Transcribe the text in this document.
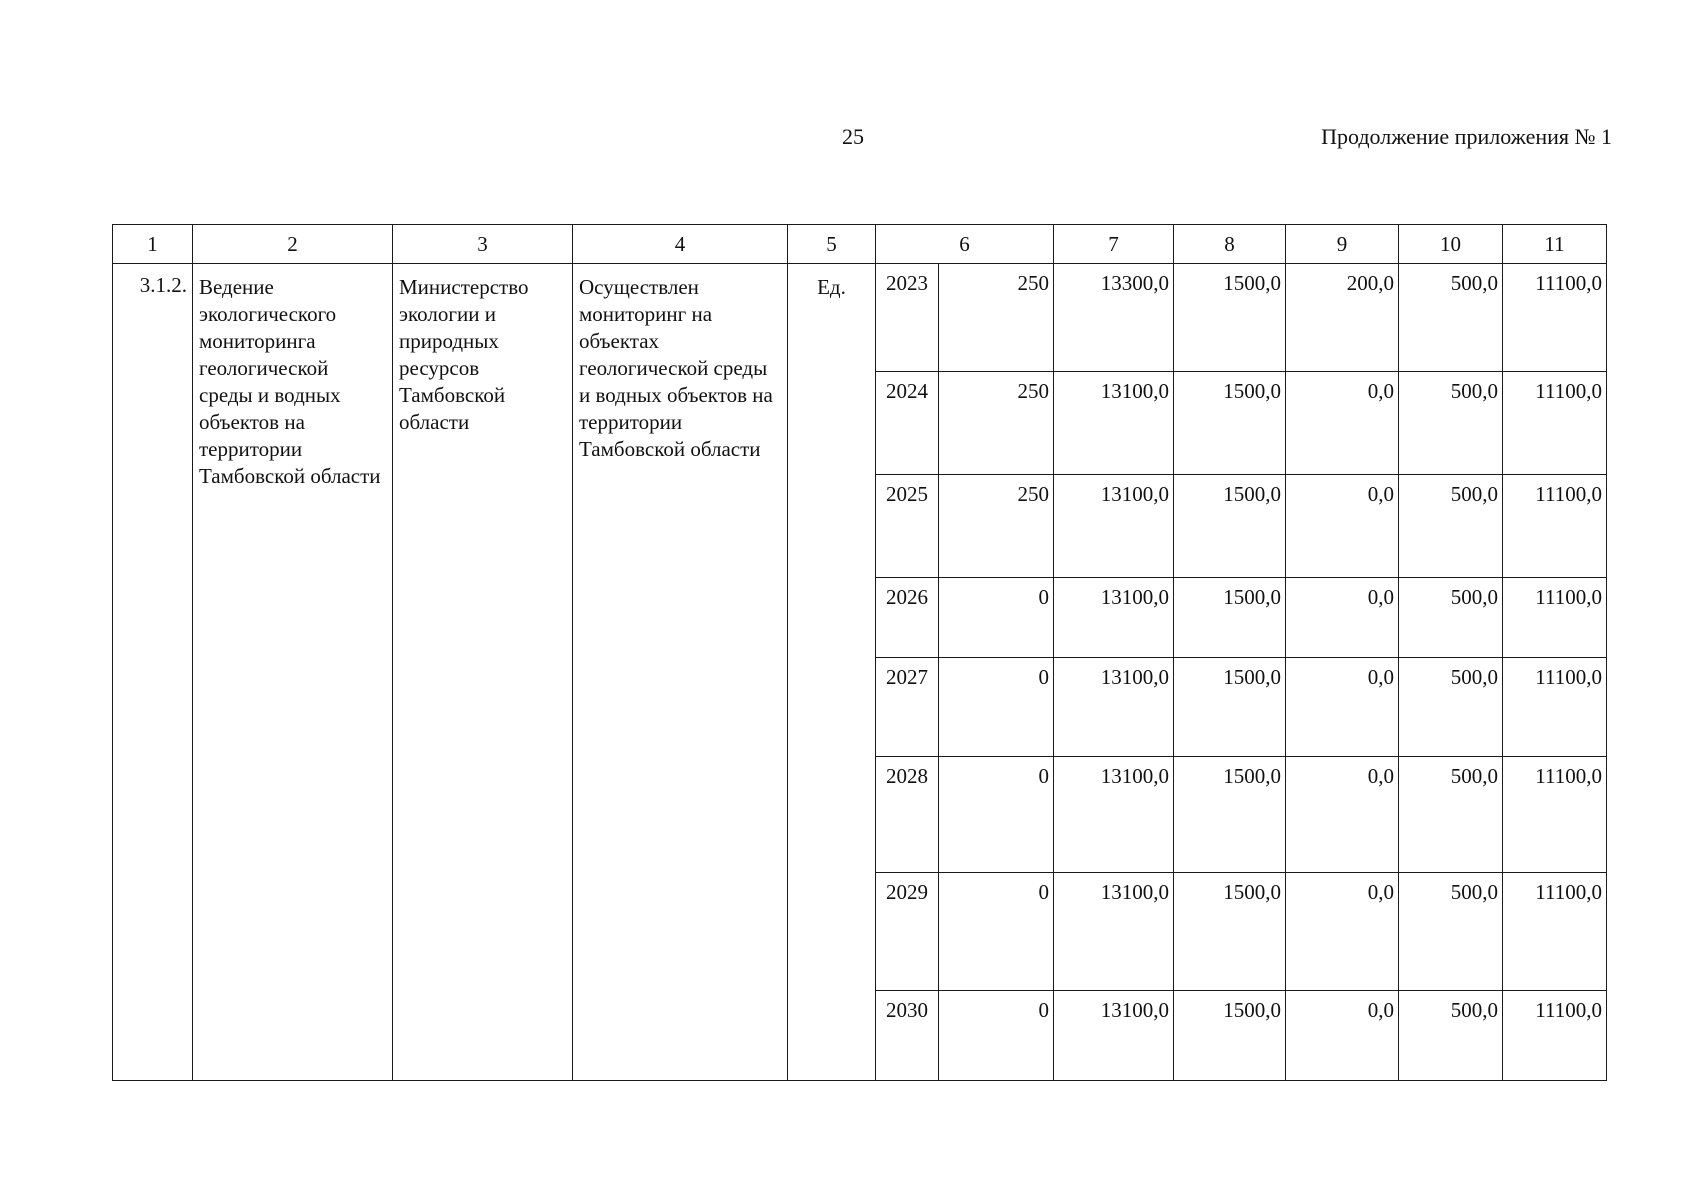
25	Продолжение приложения № 1
1	2	3	4	5	6		7	8	9	10	11
3.1.2.	Ведение экологического мониторинга геологической среды и водных объектов на территории Тамбовской области	Министерство экологии и природных ресурсов Тамбовской области	Осуществлен мониторинг на объектах геологической среды и водных объектов на территории Тамбовской области	Ед.	2023	250	13300,0	1500,0	200,0	500,0	11100,0
					2024	250	13100,0	1500,0	0,0	500,0	11100,0
					2025	250	13100,0	1500,0	0,0	500,0	11100,0
					2026	0	13100,0	1500,0	0,0	500,0	11100,0
					2027	0	13100,0	1500,0	0,0	500,0	11100,0
					2028	0	13100,0	1500,0	0,0	500,0	11100,0
					2029	0	13100,0	1500,0	0,0	500,0	11100,0
					2030	0	13100,0	1500,0	0,0	500,0	11100,0
